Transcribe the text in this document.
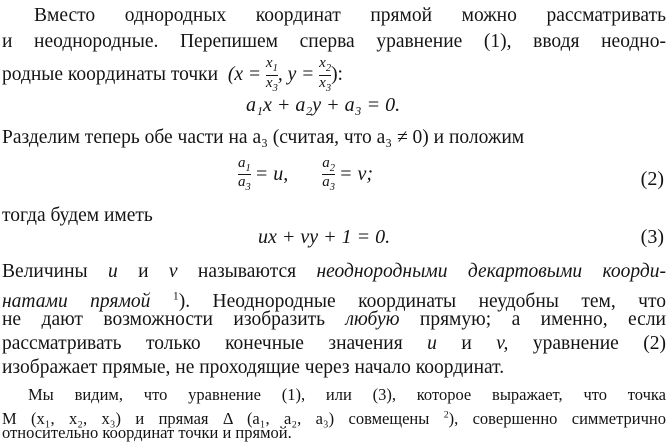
Вместо однородных координат прямой можно рассматривать
и неоднородные. Перепишем сперва уравнение (1), вводя неодно-
родные координаты точки
(x =
$\frac{x_1}{x_3}$ , y =
$\frac{x_2}{x_3}$ ):
a₁x + a₂y + a₃ = 0.
Разделим теперь обе части на a₃ (считая, что a₃ ≠ 0) и положим
$\frac{a_1}{a_3} = u$, $\frac{a_2}{a_3} = v$;	(2)
тогда будем иметь
ux + vy + 1 = 0.	(3)
Величины u и v называются неоднородными декартовыми коорди-
натами прямой $^1$). Неоднородные координаты неудобны тем, что
не дают возможности изобразить любую прямую; а именно, если
рассматривать только конечные значения u и v, уравнение (2)
изображает прямые, не проходящие через начало координат.
Мы видим, что уравнение (1), или (3), которое выражает, что точка
M (x₁, x₂, x₃) и прямая Δ (a₁, a₂, a₃) совмещены $^2$), совершенно симметрично
относительно координат точки и прямой.
